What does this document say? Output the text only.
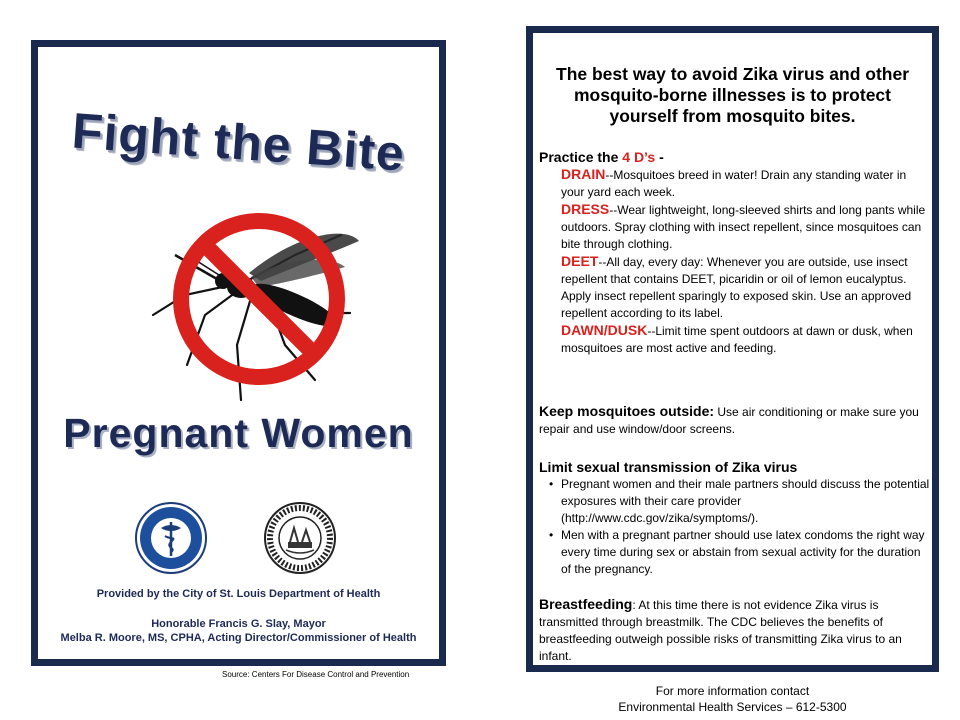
Fight the Bite
Pregnant Women
Provided by the City of St. Louis Department of Health
Honorable Francis G. Slay, Mayor
Melba R. Moore, MS, CPHA, Acting Director/Commissioner of Health
Source: Centers For Disease Control and Prevention
The best way to avoid Zika virus and other mosquito-borne illnesses is to protect yourself from mosquito bites.
Practice the 4 D’s -
DRAIN--Mosquitoes breed in water! Drain any standing water in your yard each week.
DRESS--Wear lightweight, long-sleeved shirts and long pants while outdoors. Spray clothing with insect repellent, since mosquitoes can bite through clothing.
DEET--All day, every day: Whenever you are outside, use insect repellent that contains DEET, picaridin or oil of lemon eucalyptus. Apply insect repellent sparingly to exposed skin. Use an approved repellent according to its label.
DAWN/DUSK--Limit time spent outdoors at dawn or dusk, when mosquitoes are most active and feeding.
Keep mosquitoes outside: Use air conditioning or make sure you repair and use window/door screens.
Limit sexual transmission of Zika virus
• Pregnant women and their male partners should discuss the potential exposures with their care provider (http://www.cdc.gov/zika/symptoms/).
• Men with a pregnant partner should use latex condoms the right way every time during sex or abstain from sexual activity for the duration of the pregnancy.
Breastfeeding: At this time there is not evidence Zika virus is transmitted through breastmilk. The CDC believes the benefits of breastfeeding outweigh possible risks of transmitting Zika virus to an infant.
For more information contact
Environmental Health Services – 612-5300
